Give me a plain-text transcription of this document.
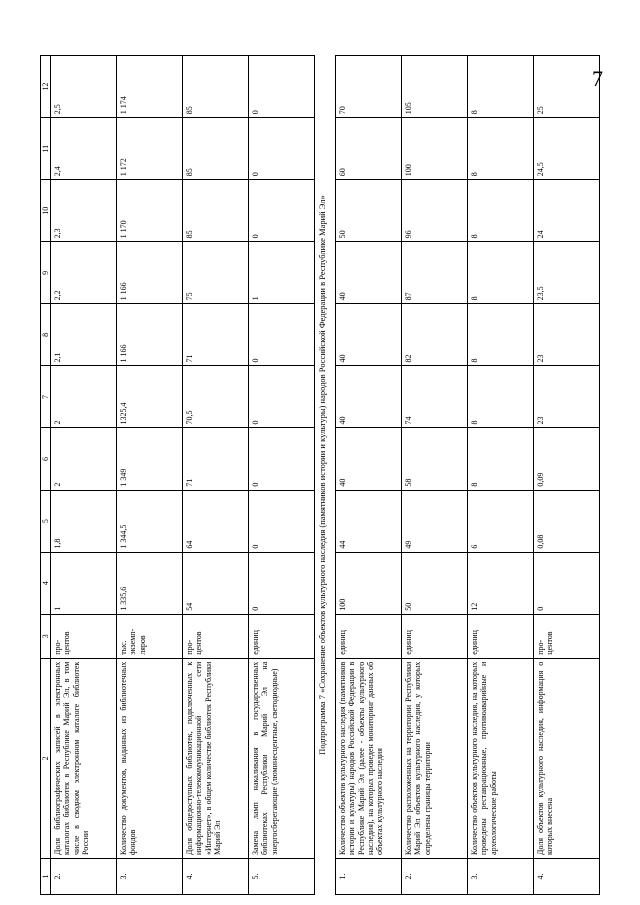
7
1	2	3	4	5	6	7	8	9	10	11	12
2.	Доля библиографических записей в электронных каталогах библиотек в Республике Марий Эл, в том числе в сводном электронном каталоге библиотек России	про-центов	1	1,8	2	2	2,1	2,2	2,3	2,4	2,5
3.	Количество документов, выданных из библиотечных фондов	тыс. экземп-ляров	1 335,6	1 344,5	1 349	1325,4	1 166	1 166	1 170	1 172	1 174
4.	Доля общедоступных библиотек, подключенных к информационно-телекоммуникационной сети «Интернет», в общем количестве библиотек Республики Марий Эл	про-центов	54	64	71	70,5	71	75	85	85	85
5.	Замена ламп накаливания в государственных библиотеках Республики Марий Эл на энергосберегающие (люминесцентные, светодиодные)	единиц	0	0	0	0	0	1	0	0	0
Подпрограмма 7 «Сохранение объектов культурного наследия (памятников истории и культуры) народов Российской Федерации в Республике Марий Эл»											
1.	Количество объектов культурного наследия (памятников истории и культуры) народов Российской Федерации в Республике Марий Эл (далее - объекты культурного наследия), на которых проведен мониторинг данных об объектах культурного наследия	единиц	100	44	40	40	40	40	50	60	70
2.	Количество расположенных на территории Республики Марий Эл объектов культурного наследия, у которых определены границы территории	единиц	50	49	58	74	82	87	96	100	105
3.	Количество объектов культурного наследия, на которых проведены реставрационные, противоаварийные и археологические работы	единиц	12	6	8	8	8	8	8	8	8
4.	Доля объектов культурного наследия, информация о которых внесена	про-центов	0	0,08	0,09	23	23	23,5	24	24,5	25
